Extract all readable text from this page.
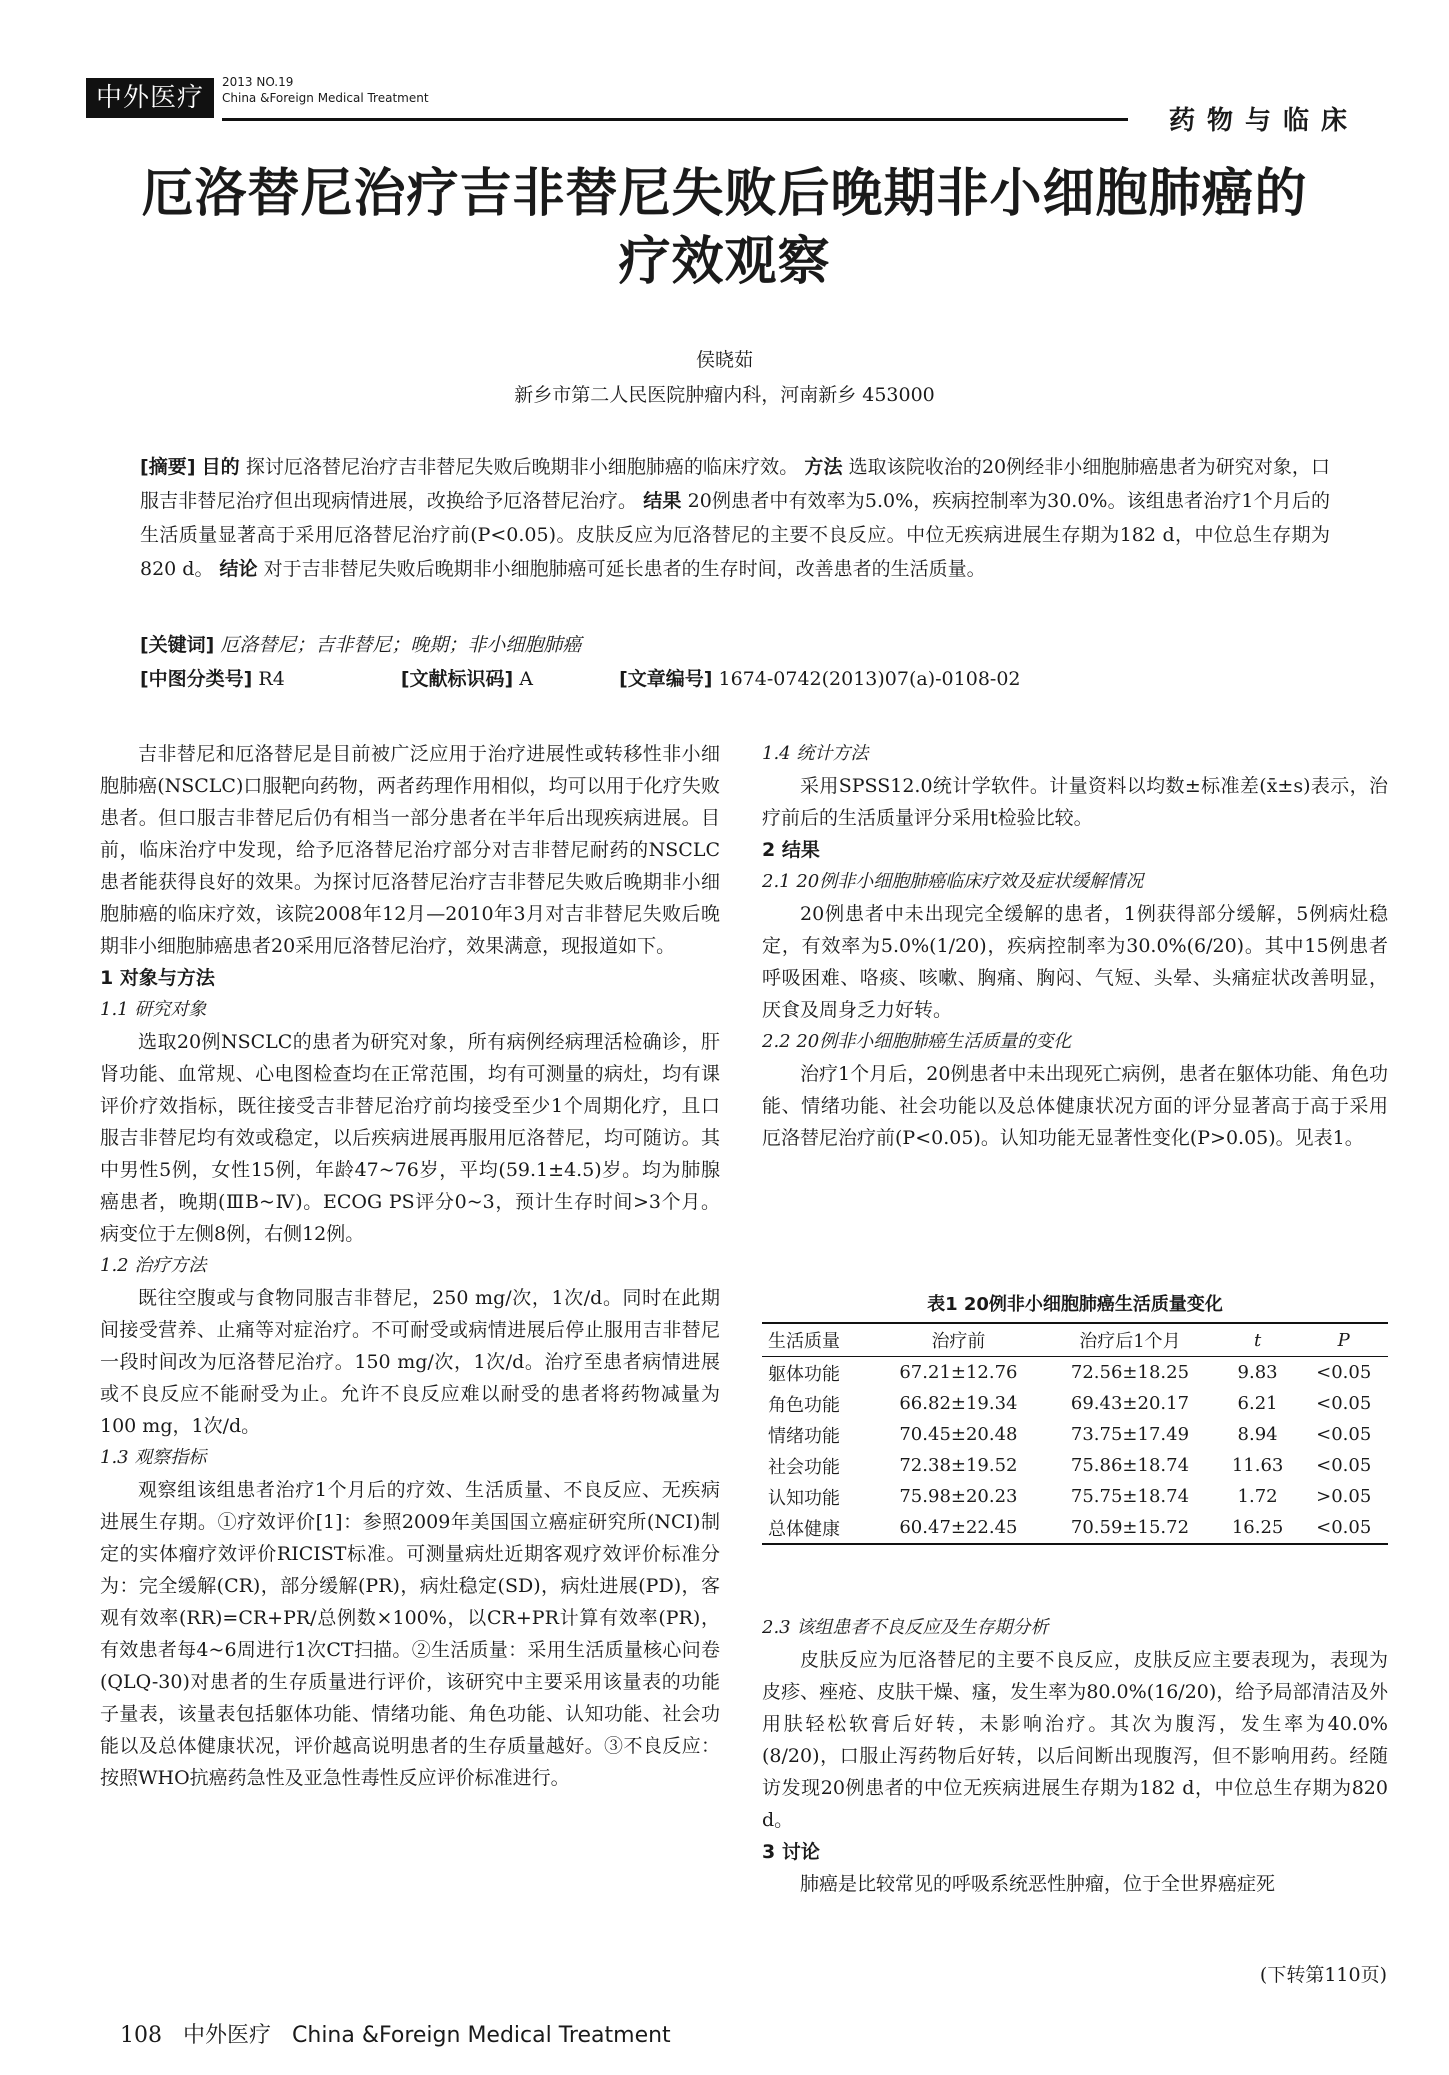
中外医疗
2013 NO.19
China &Foreign Medical Treatment
药物与临床
厄洛替尼治疗吉非替尼失败后晚期非小细胞肺癌的
疗效观察
侯晓茹
新乡市第二人民医院肿瘤内科，河南新乡 453000
[摘要] 目的 探讨厄洛替尼治疗吉非替尼失败后晚期非小细胞肺癌的临床疗效。 方法 选取该院收治的20例经非小细胞肺癌患者为研究对象，口服吉非替尼治疗但出现病情进展，改换给予厄洛替尼治疗。 结果 20例患者中有效率为5.0%，疾病控制率为30.0%。该组患者治疗1个月后的生活质量显著高于采用厄洛替尼治疗前(P<0.05)。皮肤反应为厄洛替尼的主要不良反应。中位无疾病进展生存期为182 d，中位总生存期为820 d。 结论 对于吉非替尼失败后晚期非小细胞肺癌可延长患者的生存时间，改善患者的生活质量。
[关键词] 厄洛替尼；吉非替尼；晚期；非小细胞肺癌
[中图分类号] R4	[文献标识码] A	[文章编号] 1674-0742(2013)07(a)-0108-02

吉非替尼和厄洛替尼是目前被广泛应用于治疗进展性或转移性非小细胞肺癌(NSCLC)口服靶向药物，两者药理作用相似，均可以用于化疗失败患者。但口服吉非替尼后仍有相当一部分患者在半年后出现疾病进展。目前，临床治疗中发现，给予厄洛替尼治疗部分对吉非替尼耐药的NSCLC患者能获得良好的效果。为探讨厄洛替尼治疗吉非替尼失败后晚期非小细胞肺癌的临床疗效，该院2008年12月—2010年3月对吉非替尼失败后晚期非小细胞肺癌患者20采用厄洛替尼治疗，效果满意，现报道如下。

1 对象与方法

1.1 研究对象

选取20例NSCLC的患者为研究对象，所有病例经病理活检确诊，肝肾功能、血常规、心电图检查均在正常范围，均有可测量的病灶，均有课评价疗效指标，既往接受吉非替尼治疗前均接受至少1个周期化疗，且口服吉非替尼均有效或稳定，以后疾病进展再服用厄洛替尼，均可随访。其中男性5例，女性15例，年龄47~76岁，平均(59.1±4.5)岁。均为肺腺癌患者，晚期(ⅢB~Ⅳ)。ECOG PS评分0~3，预计生存时间>3个月。病变位于左侧8例，右侧12例。

1.2 治疗方法

既往空腹或与食物同服吉非替尼，250 mg/次，1次/d。同时在此期间接受营养、止痛等对症治疗。不可耐受或病情进展后停止服用吉非替尼一段时间改为厄洛替尼治疗。150 mg/次，1次/d。治疗至患者病情进展或不良反应不能耐受为止。允许不良反应难以耐受的患者将药物减量为100 mg，1次/d。

1.3 观察指标

观察组该组患者治疗1个月后的疗效、生活质量、不良反应、无疾病进展生存期。①疗效评价[1]：参照2009年美国国立癌症研究所(NCI)制定的实体瘤疗效评价RICIST标准。可测量病灶近期客观疗效评价标准分为：完全缓解(CR)，部分缓解(PR)，病灶稳定(SD)，病灶进展(PD)，客观有效率(RR)=CR+PR/总例数×100%，以CR+PR计算有效率(PR)，有效患者每4~6周进行1次CT扫描。②生活质量：采用生活质量核心问卷(QLQ-30)对患者的生存质量进行评价，该研究中主要采用该量表的功能子量表，该量表包括躯体功能、情绪功能、角色功能、认知功能、社会功能以及总体健康状况，评价越高说明患者的生存质量越好。③不良反应：按照WHO抗癌药急性及亚急性毒性反应评价标准进行。

1.4 统计方法

采用SPSS12.0统计学软件。计量资料以均数±标准差(x̄±s)表示，治疗前后的生活质量评分采用t检验比较。

2 结果

2.1 20例非小细胞肺癌临床疗效及症状缓解情况

20例患者中未出现完全缓解的患者，1例获得部分缓解，5例病灶稳定，有效率为5.0%(1/20)，疾病控制率为30.0%(6/20)。其中15例患者呼吸困难、咯痰、咳嗽、胸痛、胸闷、气短、头晕、头痛症状改善明显，厌食及周身乏力好转。

2.2 20例非小细胞肺癌生活质量的变化

治疗1个月后，20例患者中未出现死亡病例，患者在躯体功能、角色功能、情绪功能、社会功能以及总体健康状况方面的评分显著高于高于采用厄洛替尼治疗前(P<0.05)。认知功能无显著性变化(P>0.05)。见表1。

表1 20例非小细胞肺癌生活质量变化
生活质量	治疗前	治疗后1个月	t	P
躯体功能	67.21±12.76	72.56±18.25	9.83	<0.05
角色功能	66.82±19.34	69.43±20.17	6.21	<0.05
情绪功能	70.45±20.48	73.75±17.49	8.94	<0.05
社会功能	72.38±19.52	75.86±18.74	11.63	<0.05
认知功能	75.98±20.23	75.75±18.74	1.72	>0.05
总体健康	60.47±22.45	70.59±15.72	16.25	<0.05

2.3 该组患者不良反应及生存期分析

皮肤反应为厄洛替尼的主要不良反应，皮肤反应主要表现为，表现为皮疹、痤疮、皮肤干燥、瘙，发生率为80.0%(16/20)，给予局部清洁及外用肤轻松软膏后好转，未影响治疗。其次为腹泻，发生率为40.0%(8/20)，口服止泻药物后好转，以后间断出现腹泻，但不影响用药。经随访发现20例患者的中位无疾病进展生存期为182 d，中位总生存期为820 d。

3 讨论

肺癌是比较常见的呼吸系统恶性肿瘤，位于全世界癌症死

(下转第110页)
108 中外医疗 China &Foreign Medical Treatment
